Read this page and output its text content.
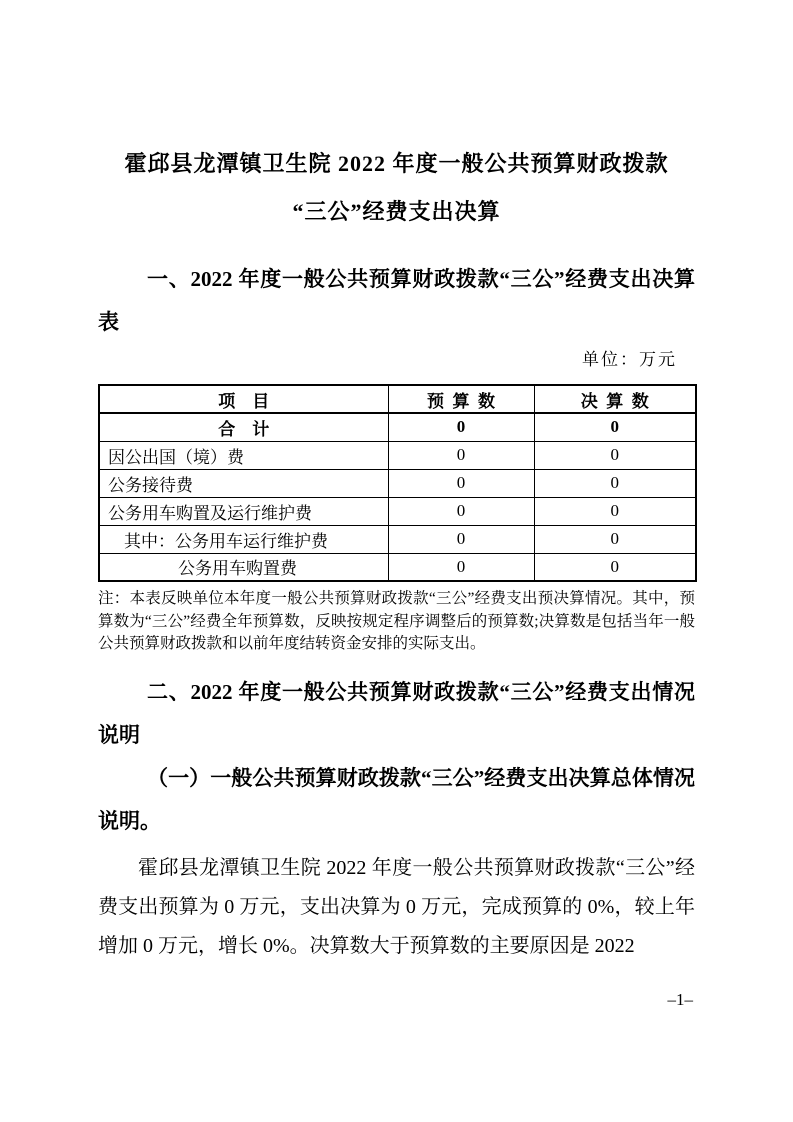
霍邱县龙潭镇卫生院 2022 年度一般公共预算财政拨款
“三公”经费支出决算

一、2022 年度一般公共预算财政拨款“三公”经费支出决算表

单位：万元
项　目	预 算 数	决 算 数
合　计	0	0
因公出国（境）费	0	0
公务接待费	0	0
公务用车购置及运行维护费	0	0
其中：公务用车运行维护费	0	0
公务用车购置费	0	0

注：本表反映单位本年度一般公共预算财政拨款“三公”经费支出预决算情况。其中，预算数为“三公”经费全年预算数，反映按规定程序调整后的预算数;决算数是包括当年一般公共预算财政拨款和以前年度结转资金安排的实际支出。

二、2022 年度一般公共预算财政拨款“三公”经费支出情况说明

（一）一般公共预算财政拨款“三公”经费支出决算总体情况说明。

霍邱县龙潭镇卫生院 2022 年度一般公共预算财政拨款“三公”经费支出预算为 0 万元，支出决算为 0 万元，完成预算的 0%，较上年增加 0 万元，增长 0%。决算数大于预算数的主要原因是 2022

–1–
